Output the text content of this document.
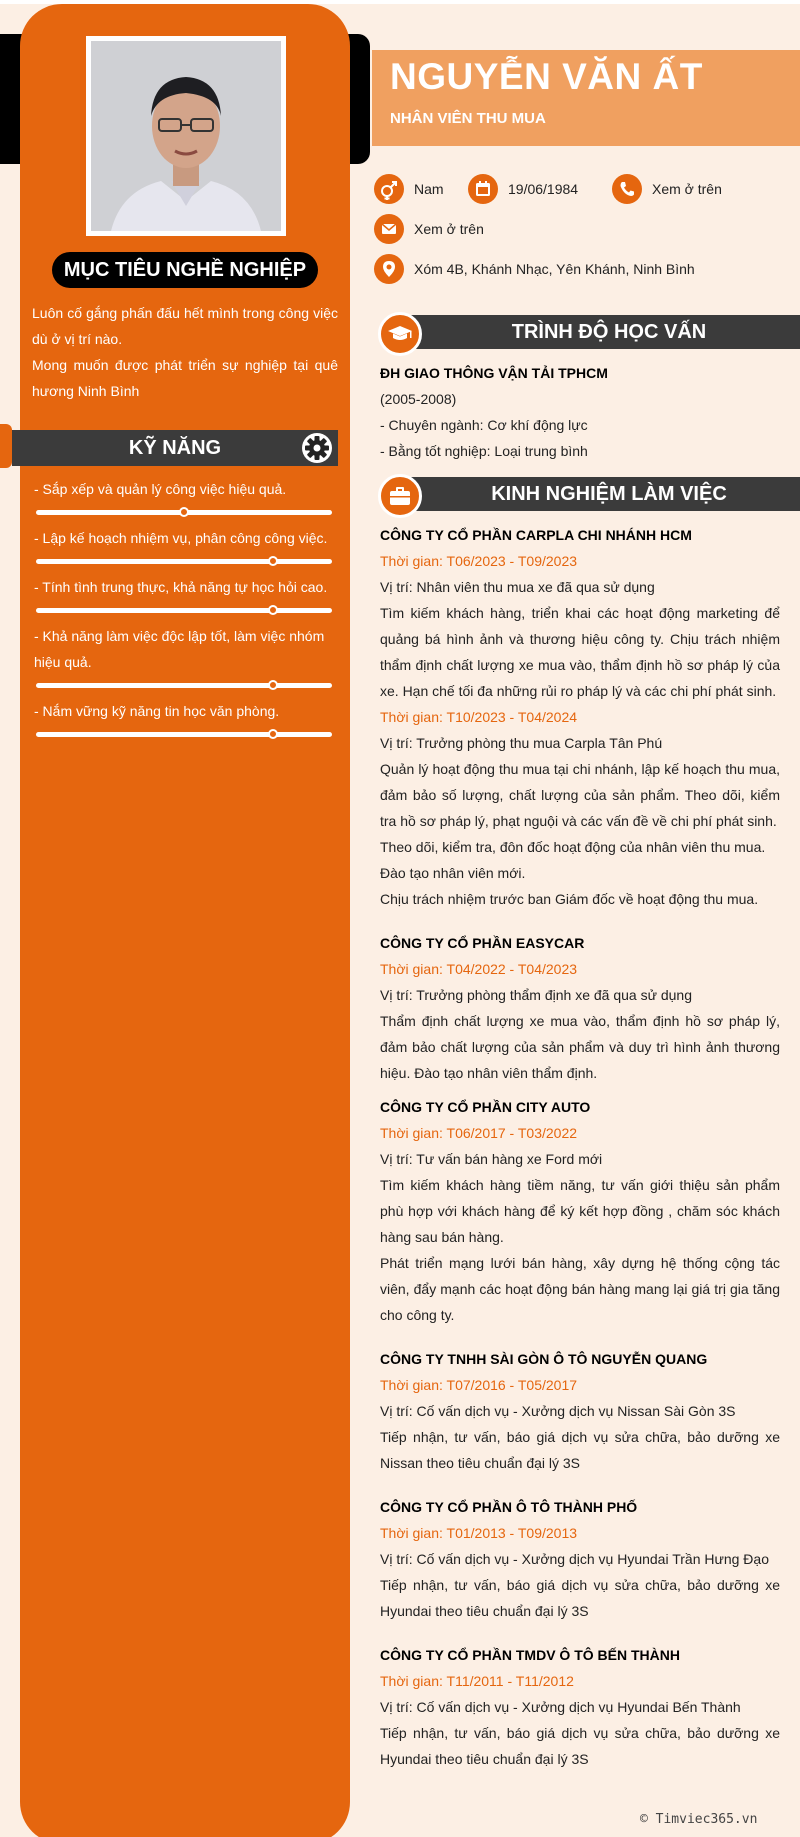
MỤC TIÊU NGHỀ NGHIỆP
Luôn cố gắng phấn đấu hết mình trong công việc dù ở vị trí nào.
Mong muốn được phát triển sự nghiệp tại quê hương Ninh Bình
KỸ NĂNG
- Sắp xếp và quản lý công việc hiệu quả.
- Lập kế hoạch nhiệm vụ, phân công công việc.
- Tính tình trung thực, khả năng tự học hỏi cao.
- Khả năng làm việc độc lập tốt, làm việc nhóm hiệu quả.
- Nắm vững kỹ năng tin học văn phòng.
NGUYỄN VĂN ẤT
NHÂN VIÊN THU MUA
Nam	19/06/1984	Xem ở trên
Xem ở trên
Xóm 4B, Khánh Nhạc, Yên Khánh, Ninh Bình
TRÌNH ĐỘ HỌC VẤN
ĐH GIAO THÔNG VẬN TẢI TPHCM
(2005-2008)
- Chuyên ngành: Cơ khí động lực
- Bằng tốt nghiệp: Loại trung bình
KINH NGHIỆM LÀM VIỆC
CÔNG TY CỔ PHẦN CARPLA CHI NHÁNH HCM
Thời gian: T06/2023 - T09/2023
Vị trí: Nhân viên thu mua xe đã qua sử dụng
Tìm kiếm khách hàng, triển khai các hoạt động marketing để quảng bá hình ảnh và thương hiệu công ty. Chịu trách nhiệm thẩm định chất lượng xe mua vào, thẩm định hồ sơ pháp lý của xe. Hạn chế tối đa những rủi ro pháp lý và các chi phí phát sinh.
Thời gian: T10/2023 - T04/2024
Vị trí: Trưởng phòng thu mua Carpla Tân Phú
Quản lý hoạt động thu mua tại chi nhánh, lập kế hoạch thu mua, đảm bảo số lượng, chất lượng của sản phẩm. Theo dõi, kiểm tra hồ sơ pháp lý, phạt nguội và các vấn đề về chi phí phát sinh.
Theo dõi, kiểm tra, đôn đốc hoạt động của nhân viên thu mua.
Đào tạo nhân viên mới.
Chịu trách nhiệm trước ban Giám đốc về hoạt động thu mua.
CÔNG TY CỔ PHẦN EASYCAR
Thời gian: T04/2022 - T04/2023
Vị trí: Trưởng phòng thẩm định xe đã qua sử dụng
Thẩm định chất lượng xe mua vào, thẩm định hồ sơ pháp lý, đảm bảo chất lượng của sản phẩm và duy trì hình ảnh thương hiệu. Đào tạo nhân viên thẩm định.
CÔNG TY CỔ PHẦN CITY AUTO
Thời gian: T06/2017 - T03/2022
Vị trí: Tư vấn bán hàng xe Ford mới
Tìm kiếm khách hàng tiềm năng, tư vấn giới thiệu sản phẩm phù hợp với khách hàng để ký kết hợp đồng , chăm sóc khách hàng sau bán hàng.
Phát triển mạng lưới bán hàng, xây dựng hệ thống cộng tác viên, đẩy mạnh các hoạt động bán hàng mang lại giá trị gia tăng cho công ty.
CÔNG TY TNHH SÀI GÒN Ô TÔ NGUYỄN QUANG
Thời gian: T07/2016 - T05/2017
Vị trí: Cố vấn dịch vụ - Xưởng dịch vụ Nissan Sài Gòn 3S
Tiếp nhận, tư vấn, báo giá dịch vụ sửa chữa, bảo dưỡng xe Nissan theo tiêu chuẩn đại lý 3S
CÔNG TY CỔ PHẦN Ô TÔ THÀNH PHỐ
Thời gian: T01/2013 - T09/2013
Vị trí: Cố vấn dịch vụ - Xưởng dịch vụ Hyundai Trần Hưng Đạo
Tiếp nhận, tư vấn, báo giá dịch vụ sửa chữa, bảo dưỡng xe Hyundai theo tiêu chuẩn đại lý 3S
CÔNG TY CỔ PHẦN TMDV Ô TÔ BẾN THÀNH
Thời gian: T11/2011 - T11/2012
Vị trí: Cố vấn dịch vụ - Xưởng dịch vụ Hyundai Bến Thành
Tiếp nhận, tư vấn, báo giá dịch vụ sửa chữa, bảo dưỡng xe Hyundai theo tiêu chuẩn đại lý 3S
© Timviec365.vn
